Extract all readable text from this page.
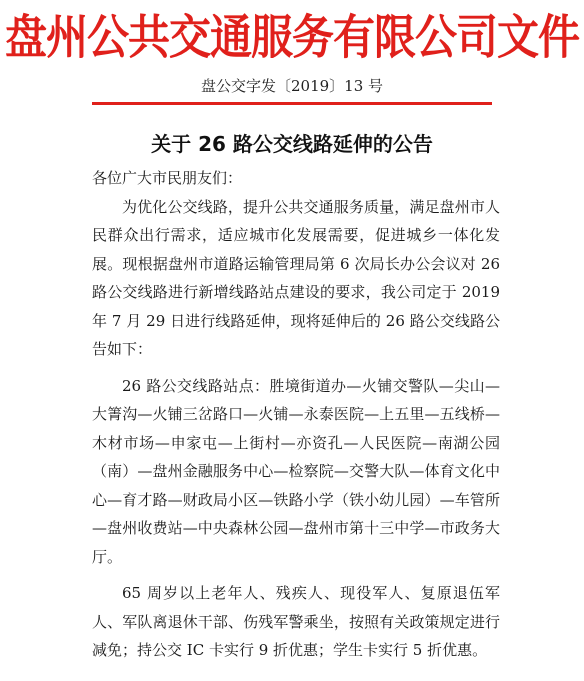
盘州公共交通服务有限公司文件
盘公交字发〔2019〕13 号
关于 26 路公交线路延伸的公告

各位广大市民朋友们：

为优化公交线路，提升公共交通服务质量，满足盘州市人民群众出行需求，适应城市化发展需要，促进城乡一体化发展。现根据盘州市道路运输管理局第 6 次局长办公会议对 26 路公交线路进行新增线路站点建设的要求，我公司定于 2019 年 7 月 29 日进行线路延伸，现将延伸后的 26 路公交线路公告如下：

26 路公交线路站点：胜境街道办—火铺交警队—尖山—大箐沟—火铺三岔路口—火铺—永泰医院—上五里—五线桥—木材市场—申家屯—上街村—亦资孔—人民医院—南湖公园（南）—盘州金融服务中心—检察院—交警大队—体育文化中心—育才路—财政局小区—铁路小学（铁小幼儿园）—车管所—盘州收费站—中央森林公园—盘州市第十三中学—市政务大厅。

65 周岁以上老年人、残疾人、现役军人、复原退伍军人、军队离退休干部、伤残军警乘坐，按照有关政策规定进行减免；持公交 IC 卡实行 9 折优惠；学生卡实行 5 折优惠。
